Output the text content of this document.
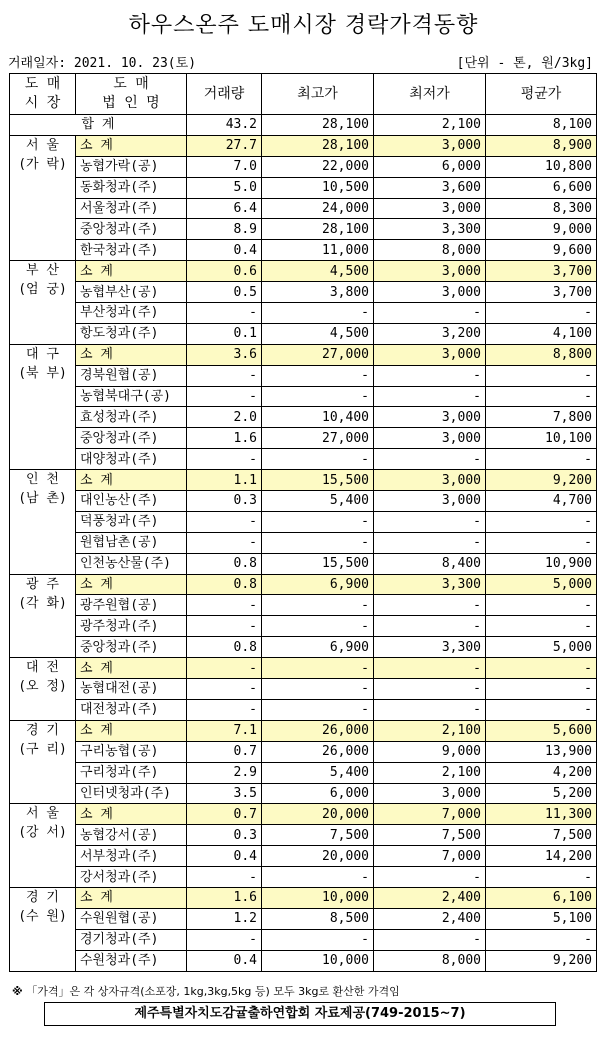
하우스온주 도매시장 경락가격동향
거래일자: 2021. 10. 23(토)	[단위 - 톤, 원/3kg]
도 매
시 장	도 매
법 인 명	거래량	최고가	최저가	평균가
합 계		43.2	28,100	2,100	8,100
서 울
(가 락)	소 계	27.7	28,100	3,000	8,900
	농협가락(공)	7.0	22,000	6,000	10,800
	동화청과(주)	5.0	10,500	3,600	6,600
	서울청과(주)	6.4	24,000	3,000	8,300
	중앙청과(주)	8.9	28,100	3,300	9,000
	한국청과(주)	0.4	11,000	8,000	9,600
부 산
(엄 궁)	소 계	0.6	4,500	3,000	3,700
	농협부산(공)	0.5	3,800	3,000	3,700
	부산청과(주)	-	-	-	-
	항도청과(주)	0.1	4,500	3,200	4,100
대 구
(북 부)	소 계	3.6	27,000	3,000	8,800
	경북원협(공)	-	-	-	-
	농협북대구(공)	-	-	-	-
	효성청과(주)	2.0	10,400	3,000	7,800
	중앙청과(주)	1.6	27,000	3,000	10,100
	대양청과(주)	-	-	-	-
인 천
(남 촌)	소 계	1.1	15,500	3,000	9,200
	대인농산(주)	0.3	5,400	3,000	4,700
	덕풍청과(주)	-	-	-	-
	원협남촌(공)	-	-	-	-
	인천농산물(주)	0.8	15,500	8,400	10,900
광 주
(각 화)	소 계	0.8	6,900	3,300	5,000
	광주원협(공)	-	-	-	-
	광주청과(주)	-	-	-	-
	중앙청과(주)	0.8	6,900	3,300	5,000
대 전
(오 정)	소 계	-	-	-	-
	농협대전(공)	-	-	-	-
	대전청과(주)	-	-	-	-
경 기
(구 리)	소 계	7.1	26,000	2,100	5,600
	구리농협(공)	0.7	26,000	9,000	13,900
	구리청과(주)	2.9	5,400	2,100	4,200
	인터넷청과(주)	3.5	6,000	3,000	5,200
서 울
(강 서)	소 계	0.7	20,000	7,000	11,300
	농협강서(공)	0.3	7,500	7,500	7,500
	서부청과(주)	0.4	20,000	7,000	14,200
	강서청과(주)	-	-	-	-
경 기
(수 원)	소 계	1.6	10,000	2,400	6,100
	수원원협(공)	1.2	8,500	2,400	5,100
	경기청과(주)	-	-	-	-
	수원청과(주)	0.4	10,000	8,000	9,200
※ 「가격」은 각 상자규격(소포장, 1kg,3kg,5kg 등) 모두 3kg로 환산한 가격임
제주특별자치도감귤출하연합회 자료제공(749-2015~7)
